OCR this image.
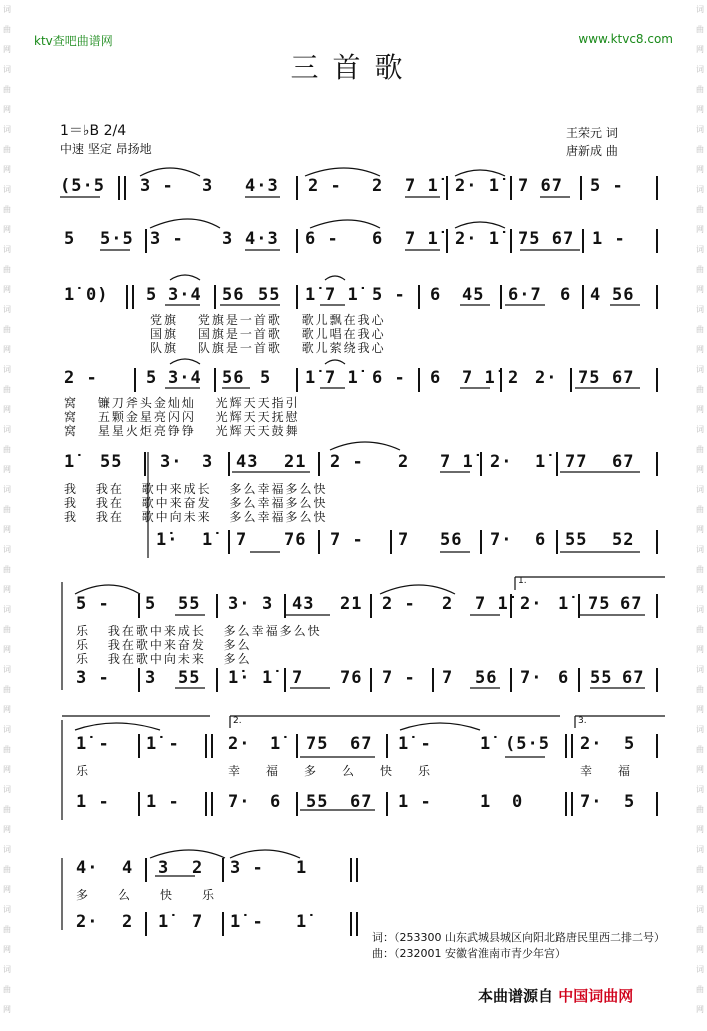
词曲网词曲网词曲网词曲网词曲网词曲网词曲网词曲网词曲网词曲网词曲网词曲网词曲网词曲网词曲网词曲网词曲网
词曲网词曲网词曲网词曲网词曲网词曲网词曲网词曲网词曲网词曲网词曲网词曲网词曲网词曲网词曲网词曲网词曲网
ktv查吧曲谱网	www.ktvc8.com
三首歌
1＝♭B 2/4
中速 坚定 昂扬地
王荣元 词
唐新成 曲
(5·5 3 - 3 4·3 2 - 2 7 1̇ 2· 1̇ 7 67 5 -
5 5·5 3 - 3 4·3 6 - 6 7 1̇ 2· 1̇ 75 67 1 -
1̇ 0) 5 3·4 56 55 1̇ 7 1̇ 5 - 6 45 6·7 6 4 56
党旗 党旗是一首歌 歌儿飘在我心
国旗 国旗是一首歌 歌儿唱在我心
队旗 队旗是一首歌 歌儿萦绕我心
2 -	5 3·4 56 5 1̇ 7 1̇ 6 - 6 7 1̇ 2 2· 75 67
窝 镰刀斧头金灿灿 光辉天天指引
窝 五颗金星亮闪闪 光辉天天抚慰
窝 星星火炬亮铮铮 光辉天天鼓舞
1̇ 55 3· 3 43 21 2 - 2 7 1̇ 2· 1̇ 77 67
我 我在 歌中来成长 多么幸福多么快
我 我在 歌中来奋发 多么幸福多么快
我 我在 歌中向未来 多么幸福多么快
1̇· 1̇ 7 76 7 - 7 56 7· 6 55 52
5 - 5 55 3· 3 43 21 2 - 2 7 1̇ 2· 1̇ 75 67
乐 我在歌中来成长 多么幸福多么快
乐 我在歌中来奋发 多么
乐 我在歌中向未来 多么
1.
3 - 3 55 1̇· 1̇ 7 76 7 - 7 56 7· 6 55 67
1̇ - 1̇ -	2· 1̇ 75 67 1̇ -	1̇ (5·5 2· 5
乐	幸福多么快乐	幸福
2.	3.
1 - 1 -	7· 6 55 67 1 -	1 0	7· 5
4· 4 3 2 3 - 1
多么快乐
2· 2 1̇ 7 1̇ - 1̇
词：（253300 山东武城县城区向阳北路唐民里西二排二号）
曲：（232001 安徽省淮南市青少年宫）
本曲谱源自 中国词曲网
